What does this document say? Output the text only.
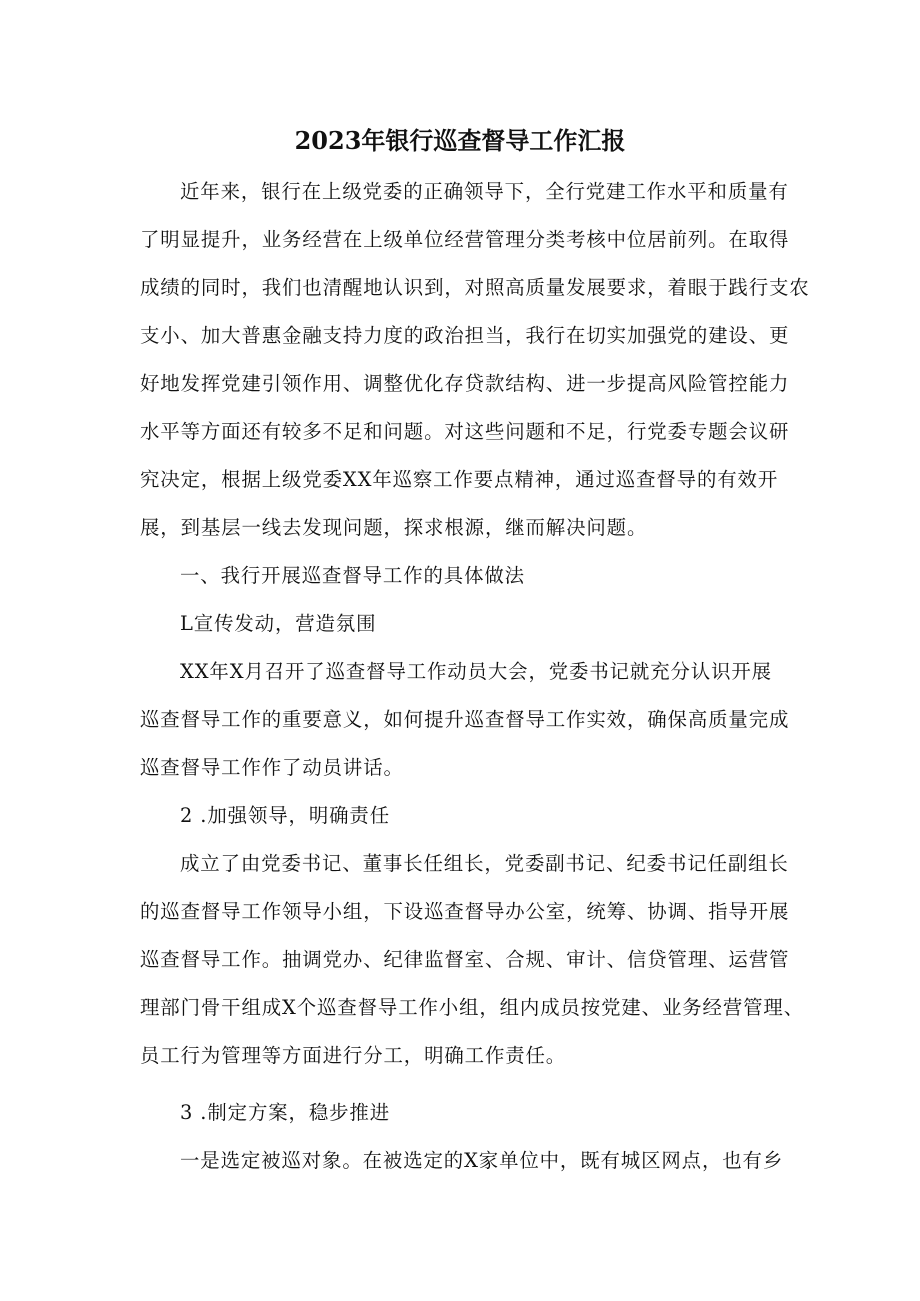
2023年银行巡查督导工作汇报
近年来，银行在上级党委的正确领导下，全行党建工作水平和质量有
了明显提升，业务经营在上级单位经营管理分类考核中位居前列。在取得
成绩的同时，我们也清醒地认识到，对照高质量发展要求，着眼于践行支农
支小、加大普惠金融支持力度的政治担当，我行在切实加强党的建设、更
好地发挥党建引领作用、调整优化存贷款结构、进一步提高风险管控能力
水平等方面还有较多不足和问题。对这些问题和不足，行党委专题会议研
究决定，根据上级党委XX年巡察工作要点精神，通过巡查督导的有效开
展，到基层一线去发现问题，探求根源，继而解决问题。
一、我行开展巡查督导工作的具体做法
L宣传发动，营造氛围
XX年X月召开了巡查督导工作动员大会，党委书记就充分认识开展
巡查督导工作的重要意义，如何提升巡查督导工作实效，确保高质量完成
巡查督导工作作了动员讲话。
2 .加强领导，明确责任
成立了由党委书记、董事长任组长，党委副书记、纪委书记任副组长
的巡查督导工作领导小组，下设巡查督导办公室，统筹、协调、指导开展
巡查督导工作。抽调党办、纪律监督室、合规、审计、信贷管理、运营管
理部门骨干组成X个巡查督导工作小组，组内成员按党建、业务经营管理、
员工行为管理等方面进行分工，明确工作责任。
3 .制定方案，稳步推进
一是选定被巡对象。在被选定的X家单位中，既有城区网点，也有乡
